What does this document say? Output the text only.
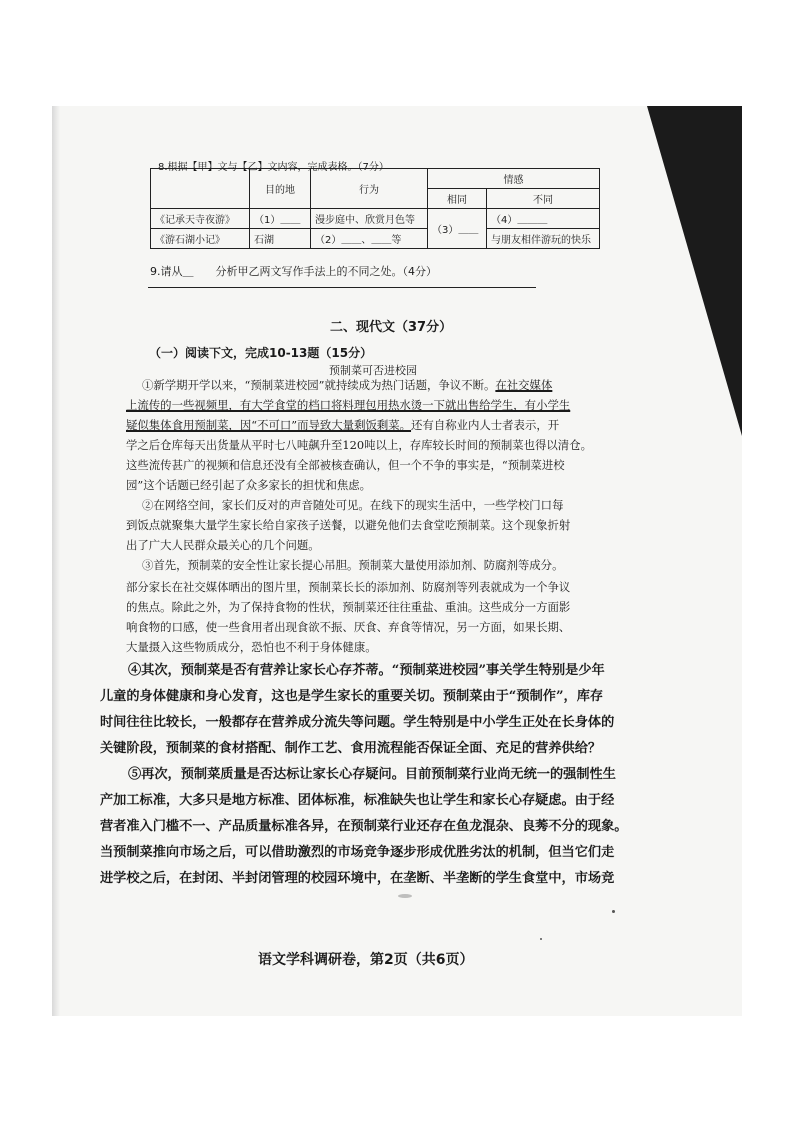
8.根据【甲】文与【乙】文内容，完成表格。（7分）
	目的地	行为	情感	
			相同	不同
《记承天寺夜游》	（1）＿＿	漫步庭中、欣赏月色等	（3）＿＿	（4）＿＿＿
《游石湖小记》	石湖	（2）＿＿、＿＿等		与朋友相伴游玩的快乐
9.请从＿　　分析甲乙两文写作手法上的不同之处。（4分）
二、现代文（37分）
（一）阅读下文，完成10-13题（15分）
预制菜可否进校园
①新学期开学以来，“预制菜进校园”就持续成为热门话题，争议不断。在社交媒体
上流传的一些视频里，有大学食堂的档口将料理包用热水烫一下就出售给学生，有小学生
疑似集体食用预制菜，因“不可口”而导致大量剩饭剩菜。还有自称业内人士者表示，开
学之后仓库每天出货量从平时七八吨飙升至120吨以上，存库较长时间的预制菜也得以清仓。
这些流传甚广的视频和信息还没有全部被核查确认，但一个不争的事实是，“预制菜进校
园”这个话题已经引起了众多家长的担忧和焦虑。
②在网络空间，家长们反对的声音随处可见。在线下的现实生活中，一些学校门口每
到饭点就聚集大量学生家长给自家孩子送餐，以避免他们去食堂吃预制菜。这个现象折射
出了广大人民群众最关心的几个问题。
③首先，预制菜的安全性让家长提心吊胆。预制菜大量使用添加剂、防腐剂等成分。
部分家长在社交媒体晒出的图片里，预制菜长长的添加剂、防腐剂等列表就成为一个争议
的焦点。除此之外，为了保持食物的性状，预制菜还往往重盐、重油。这些成分一方面影
响食物的口感，使一些食用者出现食欲不振、厌食、弃食等情况，另一方面，如果长期、
大量摄入这些物质成分，恐怕也不利于身体健康。
④其次，预制菜是否有营养让家长心存芥蒂。“预制菜进校园”事关学生特别是少年
儿童的身体健康和身心发育，这也是学生家长的重要关切。预制菜由于“预制作”，库存
时间往往比较长，一般都存在营养成分流失等问题。学生特别是中小学生正处在长身体的
关键阶段，预制菜的食材搭配、制作工艺、食用流程能否保证全面、充足的营养供给？
⑤再次，预制菜质量是否达标让家长心存疑问。目前预制菜行业尚无统一的强制性生
产加工标准，大多只是地方标准、团体标准，标准缺失也让学生和家长心存疑虑。由于经
营者准入门槛不一、产品质量标准各异，在预制菜行业还存在鱼龙混杂、良莠不分的现象。
当预制菜推向市场之后，可以借助激烈的市场竞争逐步形成优胜劣汰的机制，但当它们走
进学校之后，在封闭、半封闭管理的校园环境中，在垄断、半垄断的学生食堂中，市场竞
语文学科调研卷，第2页（共6页）
